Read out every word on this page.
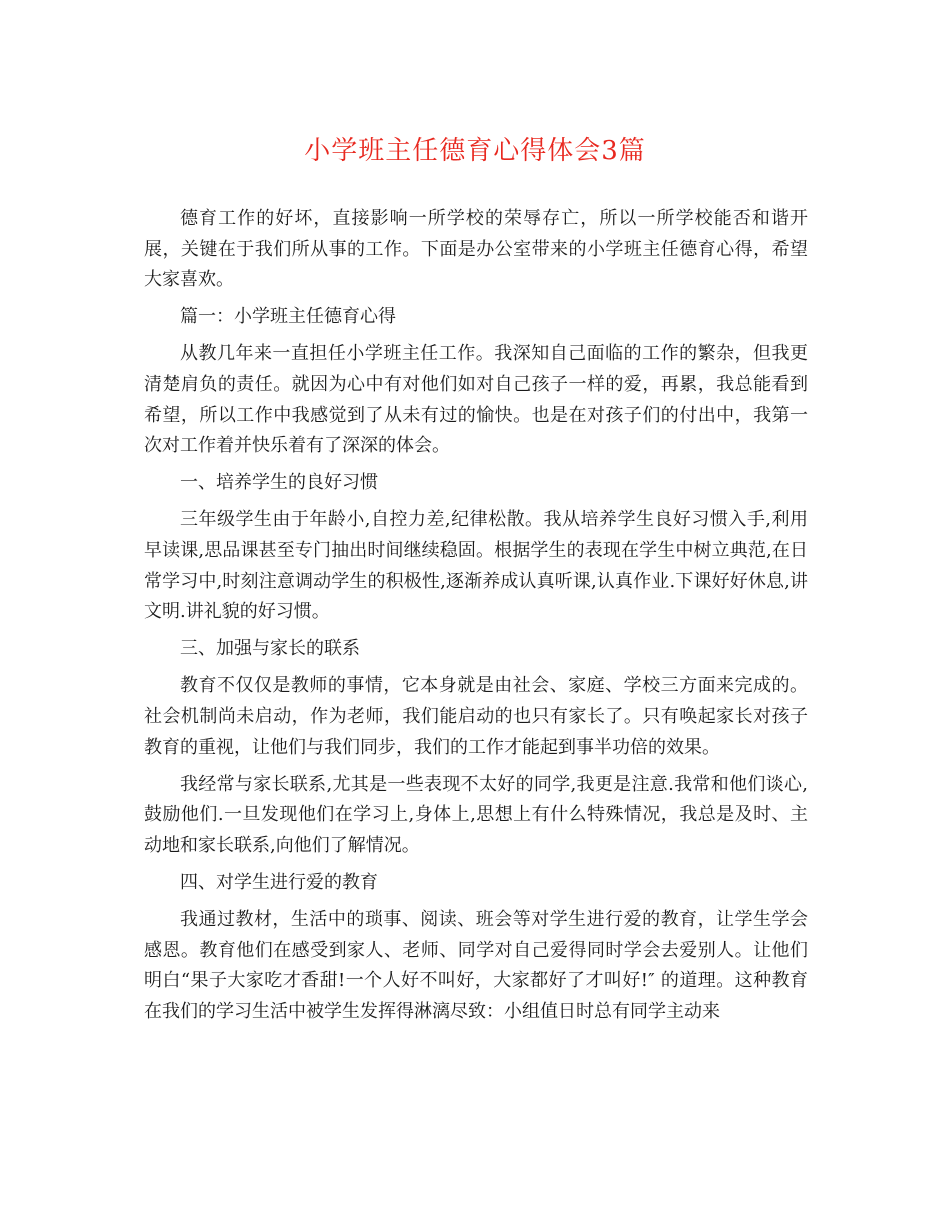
小学班主任德育心得体会3篇

德育工作的好坏，直接影响一所学校的荣辱存亡，所以一所学校能否和谐开展，关键在于我们所从事的工作。下面是办公室带来的小学班主任德育心得，希望大家喜欢。

篇一：小学班主任德育心得

从教几年来一直担任小学班主任工作。我深知自己面临的工作的繁杂，但我更清楚肩负的责任。就因为心中有对他们如对自己孩子一样的爱，再累，我总能看到希望，所以工作中我感觉到了从未有过的愉快。也是在对孩子们的付出中，我第一次对工作着并快乐着有了深深的体会。

一、培养学生的良好习惯

三年级学生由于年龄小,自控力差,纪律松散。我从培养学生良好习惯入手,利用早读课,思品课甚至专门抽出时间继续稳固。根据学生的表现在学生中树立典范,在日常学习中,时刻注意调动学生的积极性,逐渐养成认真听课,认真作业.下课好好休息,讲文明.讲礼貌的好习惯。

三、加强与家长的联系

教育不仅仅是教师的事情，它本身就是由社会、家庭、学校三方面来完成的。社会机制尚未启动，作为老师，我们能启动的也只有家长了。只有唤起家长对孩子教育的重视，让他们与我们同步，我们的工作才能起到事半功倍的效果。

我经常与家长联系,尤其是一些表现不太好的同学,我更是注意.我常和他们谈心,鼓励他们.一旦发现他们在学习上,身体上,思想上有什么特殊情况，我总是及时、主动地和家长联系,向他们了解情况。

四、对学生进行爱的教育

我通过教材，生活中的琐事、阅读、班会等对学生进行爱的教育，让学生学会感恩。教育他们在感受到家人、老师、同学对自己爱得同时学会去爱别人。让他们明白“果子大家吃才香甜!一个人好不叫好，大家都好了才叫好!″ 的道理。这种教育在我们的学习生活中被学生发挥得淋漓尽致：小组值日时总有同学主动来
